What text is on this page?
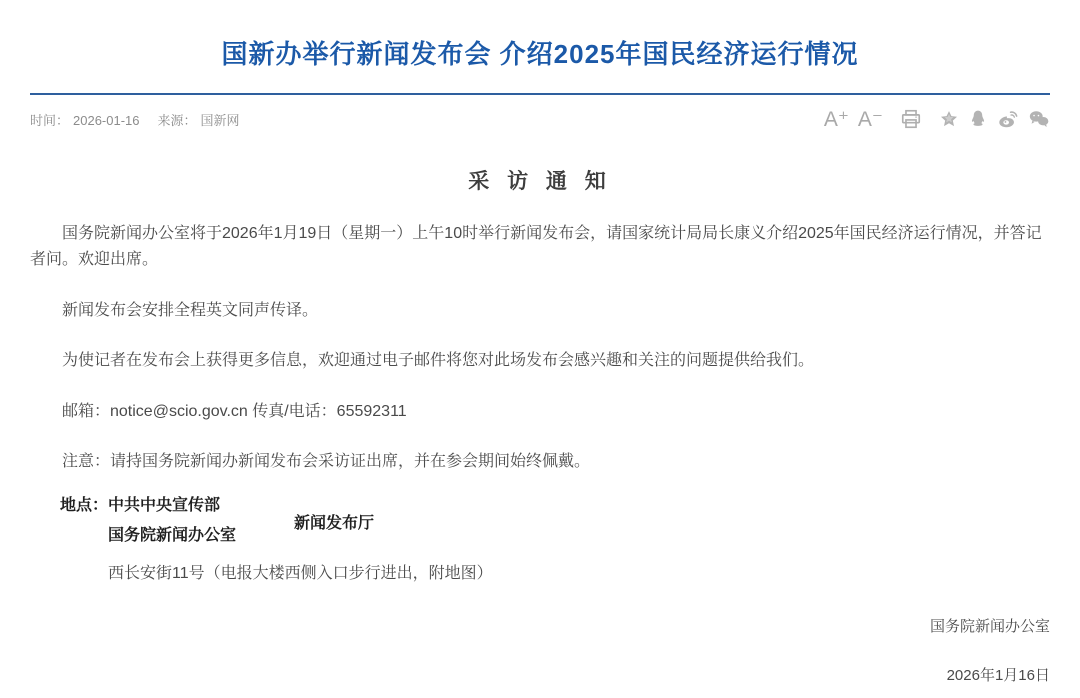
国新办举行新闻发布会 介绍2025年国民经济运行情况
时间： 2026-01-16 来源： 国新网	A⁺ A⁻
采 访 通 知

国务院新闻办公室将于2026年1月19日（星期一）上午10时举行新闻发布会，请国家统计局局长康义介绍2025年国民经济运行情况，并答记者问。欢迎出席。

新闻发布会安排全程英文同声传译。

为使记者在发布会上获得更多信息，欢迎通过电子邮件将您对此场发布会感兴趣和关注的问题提供给我们。

邮箱：notice@scio.gov.cn 传真/电话：65592311

注意：请持国务院新闻办新闻发布会采访证出席，并在参会期间始终佩戴。

地点： 中共中央宣传部
国务院新闻办公室
新闻发布厅
西长安街11号（电报大楼西侧入口步行进出，附地图）
国务院新闻办公室
2026年1月16日
